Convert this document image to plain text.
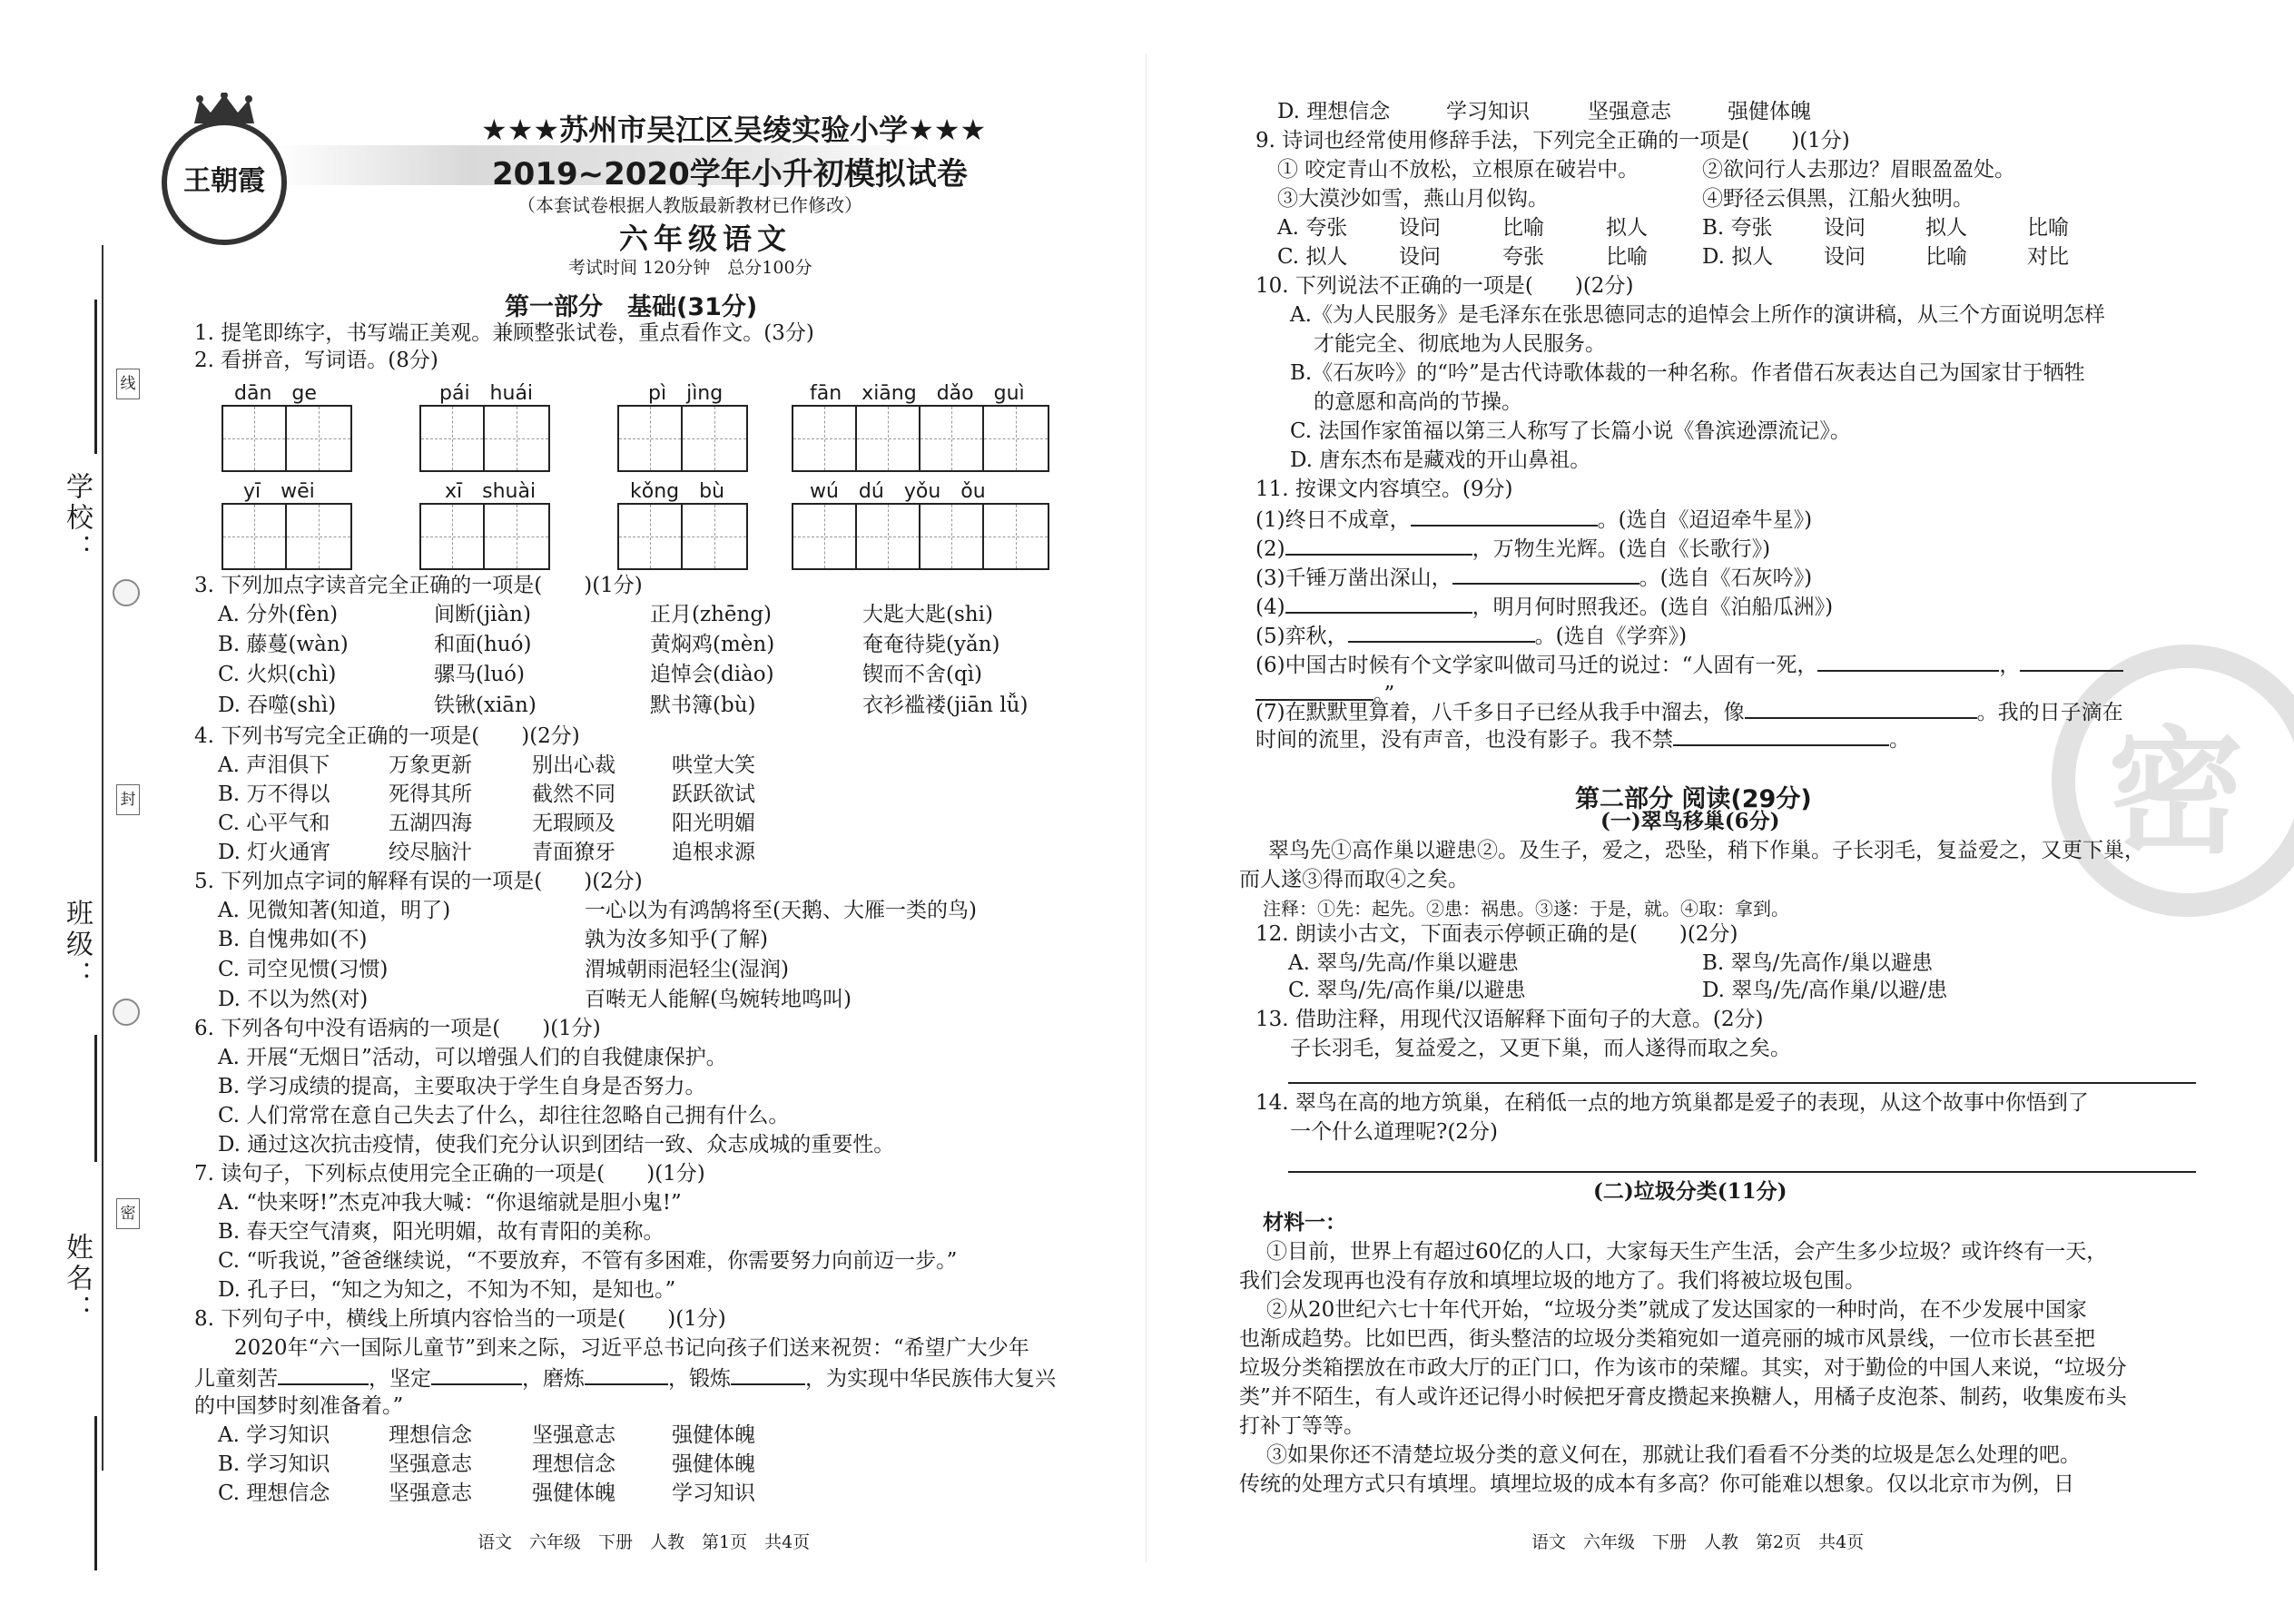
姓名：
班级：
学校：
线
封
密
王朝霞
★★★苏州市吴江区吴绫实验小学★★★
2019~2020学年小升初模拟试卷
（本套试卷根据人教版最新教材已作修改）
六年级语文
考试时间 120分钟　总分100分
第一部分　基础(31分)
1. 提笔即练字，书写端正美观。兼顾整张试卷，重点看作文。(3分)
2. 看拼音，写词语。(8分)
dān　ge	pái　huái	pì　jìng	fān　xiāng　dǎo　guì
yī　wēi	xī　shuài	kǒng　bù	wú　dú　yǒu　ǒu
3. 下列加点字读音完全正确的一项是(　　)(1分)
A. 分外(fèn)	间断(jiàn)	正月(zhēng)	大匙大匙(shi)
B. 藤蔓(wàn)	和面(huó)	黄焖鸡(mèn)	奄奄待毙(yǎn)
C. 火炽(chì)	骡马(luó)	追悼会(diào)	锲而不舍(qì)
D. 吞噬(shì)	铁锹(xiān)	默书簿(bù)	衣衫褴褛(jiān lǚ)
4. 下列书写完全正确的一项是(　　)(2分)
A. 声泪俱下	万象更新	别出心裁	哄堂大笑
B. 万不得以	死得其所	截然不同	跃跃欲试
C. 心平气和	五湖四海	无瑕顾及	阳光明媚
D. 灯火通宵	绞尽脑汁	青面獠牙	追根求源
5. 下列加点字词的解释有误的一项是(　　)(2分)
A. 见微知著(知道，明了)	一心以为有鸿鹄将至(天鹅、大雁一类的鸟)
B. 自愧弗如(不)	孰为汝多知乎(了解)
C. 司空见惯(习惯)	渭城朝雨浥轻尘(湿润)
D. 不以为然(对)	百啭无人能解(鸟婉转地鸣叫)
6. 下列各句中没有语病的一项是(　　)(1分)
A. 开展“无烟日”活动，可以增强人们的自我健康保护。
B. 学习成绩的提高，主要取决于学生自身是否努力。
C. 人们常常在意自己失去了什么，却往往忽略自己拥有什么。
D. 通过这次抗击疫情，使我们充分认识到团结一致、众志成城的重要性。
7. 读句子，下列标点使用完全正确的一项是(　　)(1分)
A. “快来呀!”杰克冲我大喊：“你退缩就是胆小鬼!”
B. 春天空气清爽，阳光明媚，故有青阳的美称。
C. “听我说，”爸爸继续说，“不要放弃，不管有多困难，你需要努力向前迈一步。”
D. 孔子曰，“知之为知之，不知为不知，是知也。”
8. 下列句子中，横线上所填内容恰当的一项是(　　)(1分)
2020年“六一国际儿童节”到来之际，习近平总书记向孩子们送来祝贺：“希望广大少年
儿童刻苦	，坚定	，磨炼	，锻炼	，为实现中华民族伟大复兴
的中国梦时刻准备着。”
A. 学习知识	理想信念	坚强意志	强健体魄
B. 学习知识	坚强意志	理想信念	强健体魄
C. 理想信念	坚强意志	强健体魄	学习知识
语文　六年级　下册　人教　第1页　共4页
密
D. 理想信念	学习知识	坚强意志	强健体魄
9. 诗词也经常使用修辞手法，下列完全正确的一项是(　　)(1分)
① 咬定青山不放松，立根原在破岩中。	②欲问行人去那边？眉眼盈盈处。
③大漠沙如雪，燕山月似钩。	④野径云俱黑，江船火独明。
A. 夸张 设问	比喻	拟人	B. 夸张 设问	拟人	比喻
C. 拟人 设问	夸张	比喻	D. 拟人 设问	比喻	对比
10. 下列说法不正确的一项是(　　)(2分)
A.《为人民服务》是毛泽东在张思德同志的追悼会上所作的演讲稿，从三个方面说明怎样
才能完全、彻底地为人民服务。
B.《石灰吟》的“吟”是古代诗歌体裁的一种名称。作者借石灰表达自己为国家甘于牺牲
的意愿和高尚的节操。
C. 法国作家笛福以第三人称写了长篇小说《鲁滨逊漂流记》。
D. 唐东杰布是藏戏的开山鼻祖。
11. 按课文内容填空。(9分)
(1)终日不成章，	。(选自《迢迢牵牛星》)
(2)	，万物生光辉。(选自《长歌行》)
(3)千锤万凿出深山，	。(选自《石灰吟》)
(4)	，明月何时照我还。(选自《泊船瓜洲》)
(5)弈秋，	。(选自《学弈》)
(6)中国古时候有个文学家叫做司马迁的说过：“人固有一死，	，
。”
(7)在默默里算着，八千多日子已经从我手中溜去，像	。我的日子滴在
时间的流里，没有声音，也没有影子。我不禁	。
第二部分 阅读(29分)
(一)翠鸟移巢(6分)
翠鸟先①高作巢以避患②。及生子，爱之，恐坠，稍下作巢。子长羽毛，复益爱之，又更下巢，
而人遂③得而取④之矣。
注释：①先：起先。②患：祸患。③遂：于是，就。④取：拿到。
12. 朗读小古文，下面表示停顿正确的是(　　)(2分)
A. 翠鸟/先高/作巢以避患	B. 翠鸟/先高作/巢以避患
C. 翠鸟/先/高作巢/以避患	D. 翠鸟/先/高作巢/以避/患
13. 借助注释，用现代汉语解释下面句子的大意。(2分)
子长羽毛，复益爱之，又更下巢，而人遂得而取之矣。
14. 翠鸟在高的地方筑巢，在稍低一点的地方筑巢都是爱子的表现，从这个故事中你悟到了
一个什么道理呢?(2分)
(二)垃圾分类(11分)
材料一：
①目前，世界上有超过60亿的人口，大家每天生产生活，会产生多少垃圾？或许终有一天，
我们会发现再也没有存放和填埋垃圾的地方了。我们将被垃圾包围。
②从20世纪六七十年代开始，“垃圾分类”就成了发达国家的一种时尚，在不少发展中国家
也渐成趋势。比如巴西，街头整洁的垃圾分类箱宛如一道亮丽的城市风景线，一位市长甚至把
垃圾分类箱摆放在市政大厅的正门口，作为该市的荣耀。其实，对于勤俭的中国人来说，“垃圾分
类”并不陌生，有人或许还记得小时候把牙膏皮攒起来换糖人，用橘子皮泡茶、制药，收集废布头
打补丁等等。
③如果你还不清楚垃圾分类的意义何在，那就让我们看看不分类的垃圾是怎么处理的吧。
传统的处理方式只有填埋。填埋垃圾的成本有多高？你可能难以想象。仅以北京市为例，日
语文　六年级　下册　人教　第2页　共4页
